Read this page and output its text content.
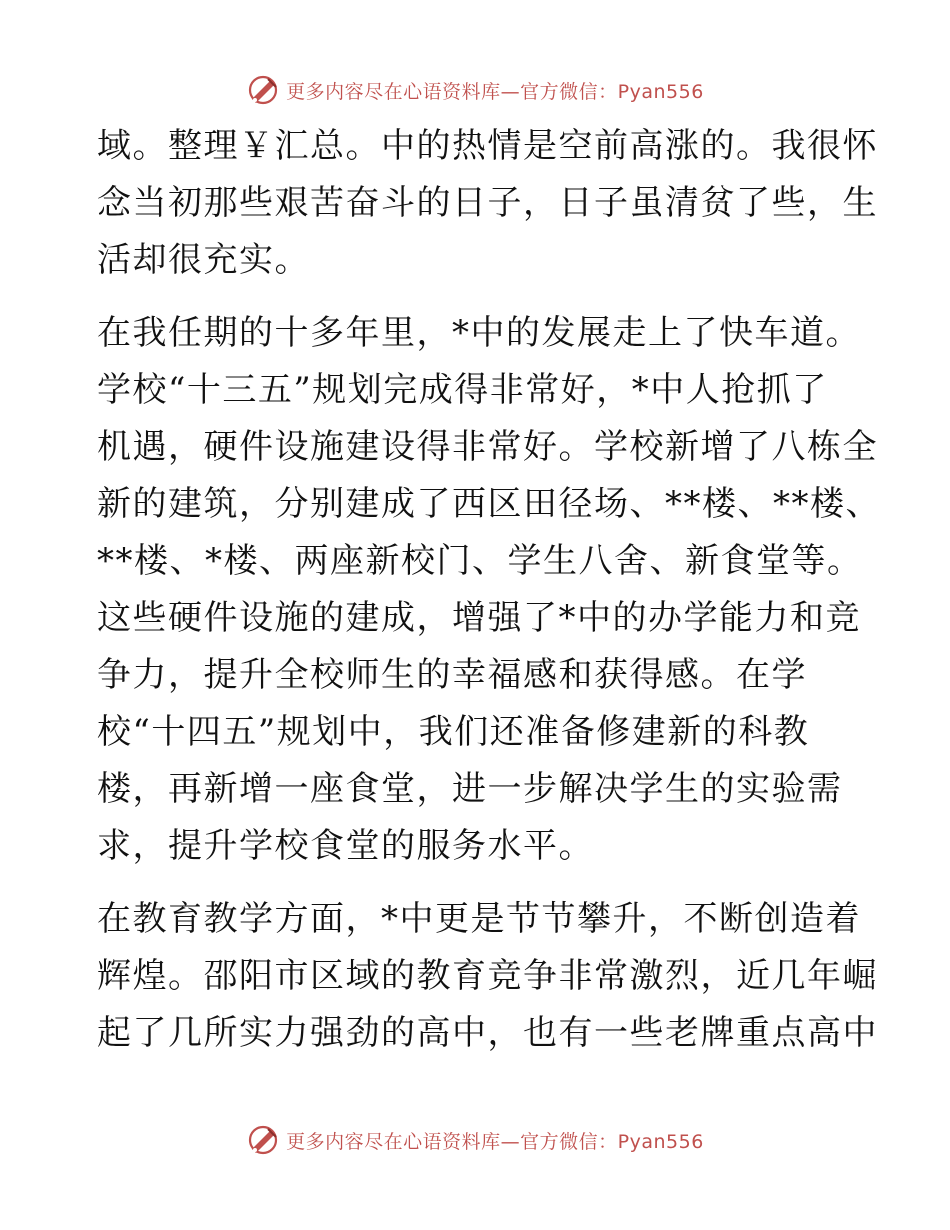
更多内容尽在心语资料库—官方微信：Pyan556

域。整理￥汇总。中的热情是空前高涨的。我很怀

念当初那些艰苦奋斗的日子，日子虽清贫了些，生

活却很充实。

在我任期的十多年里，*中的发展走上了快车道。

学校“十三五”规划完成得非常好，*中人抢抓了

机遇，硬件设施建设得非常好。学校新增了八栋全

新的建筑，分别建成了西区田径场、**楼、**楼、

**楼、*楼、两座新校门、学生八舍、新食堂等。

这些硬件设施的建成，增强了*中的办学能力和竞

争力，提升全校师生的幸福感和获得感。在学

校“十四五”规划中，我们还准备修建新的科教

楼，再新增一座食堂，进一步解决学生的实验需

求，提升学校食堂的服务水平。

在教育教学方面，*中更是节节攀升，不断创造着

辉煌。邵阳市区域的教育竞争非常激烈，近几年崛

起了几所实力强劲的高中，也有一些老牌重点高中

更多内容尽在心语资料库—官方微信：Pyan556
